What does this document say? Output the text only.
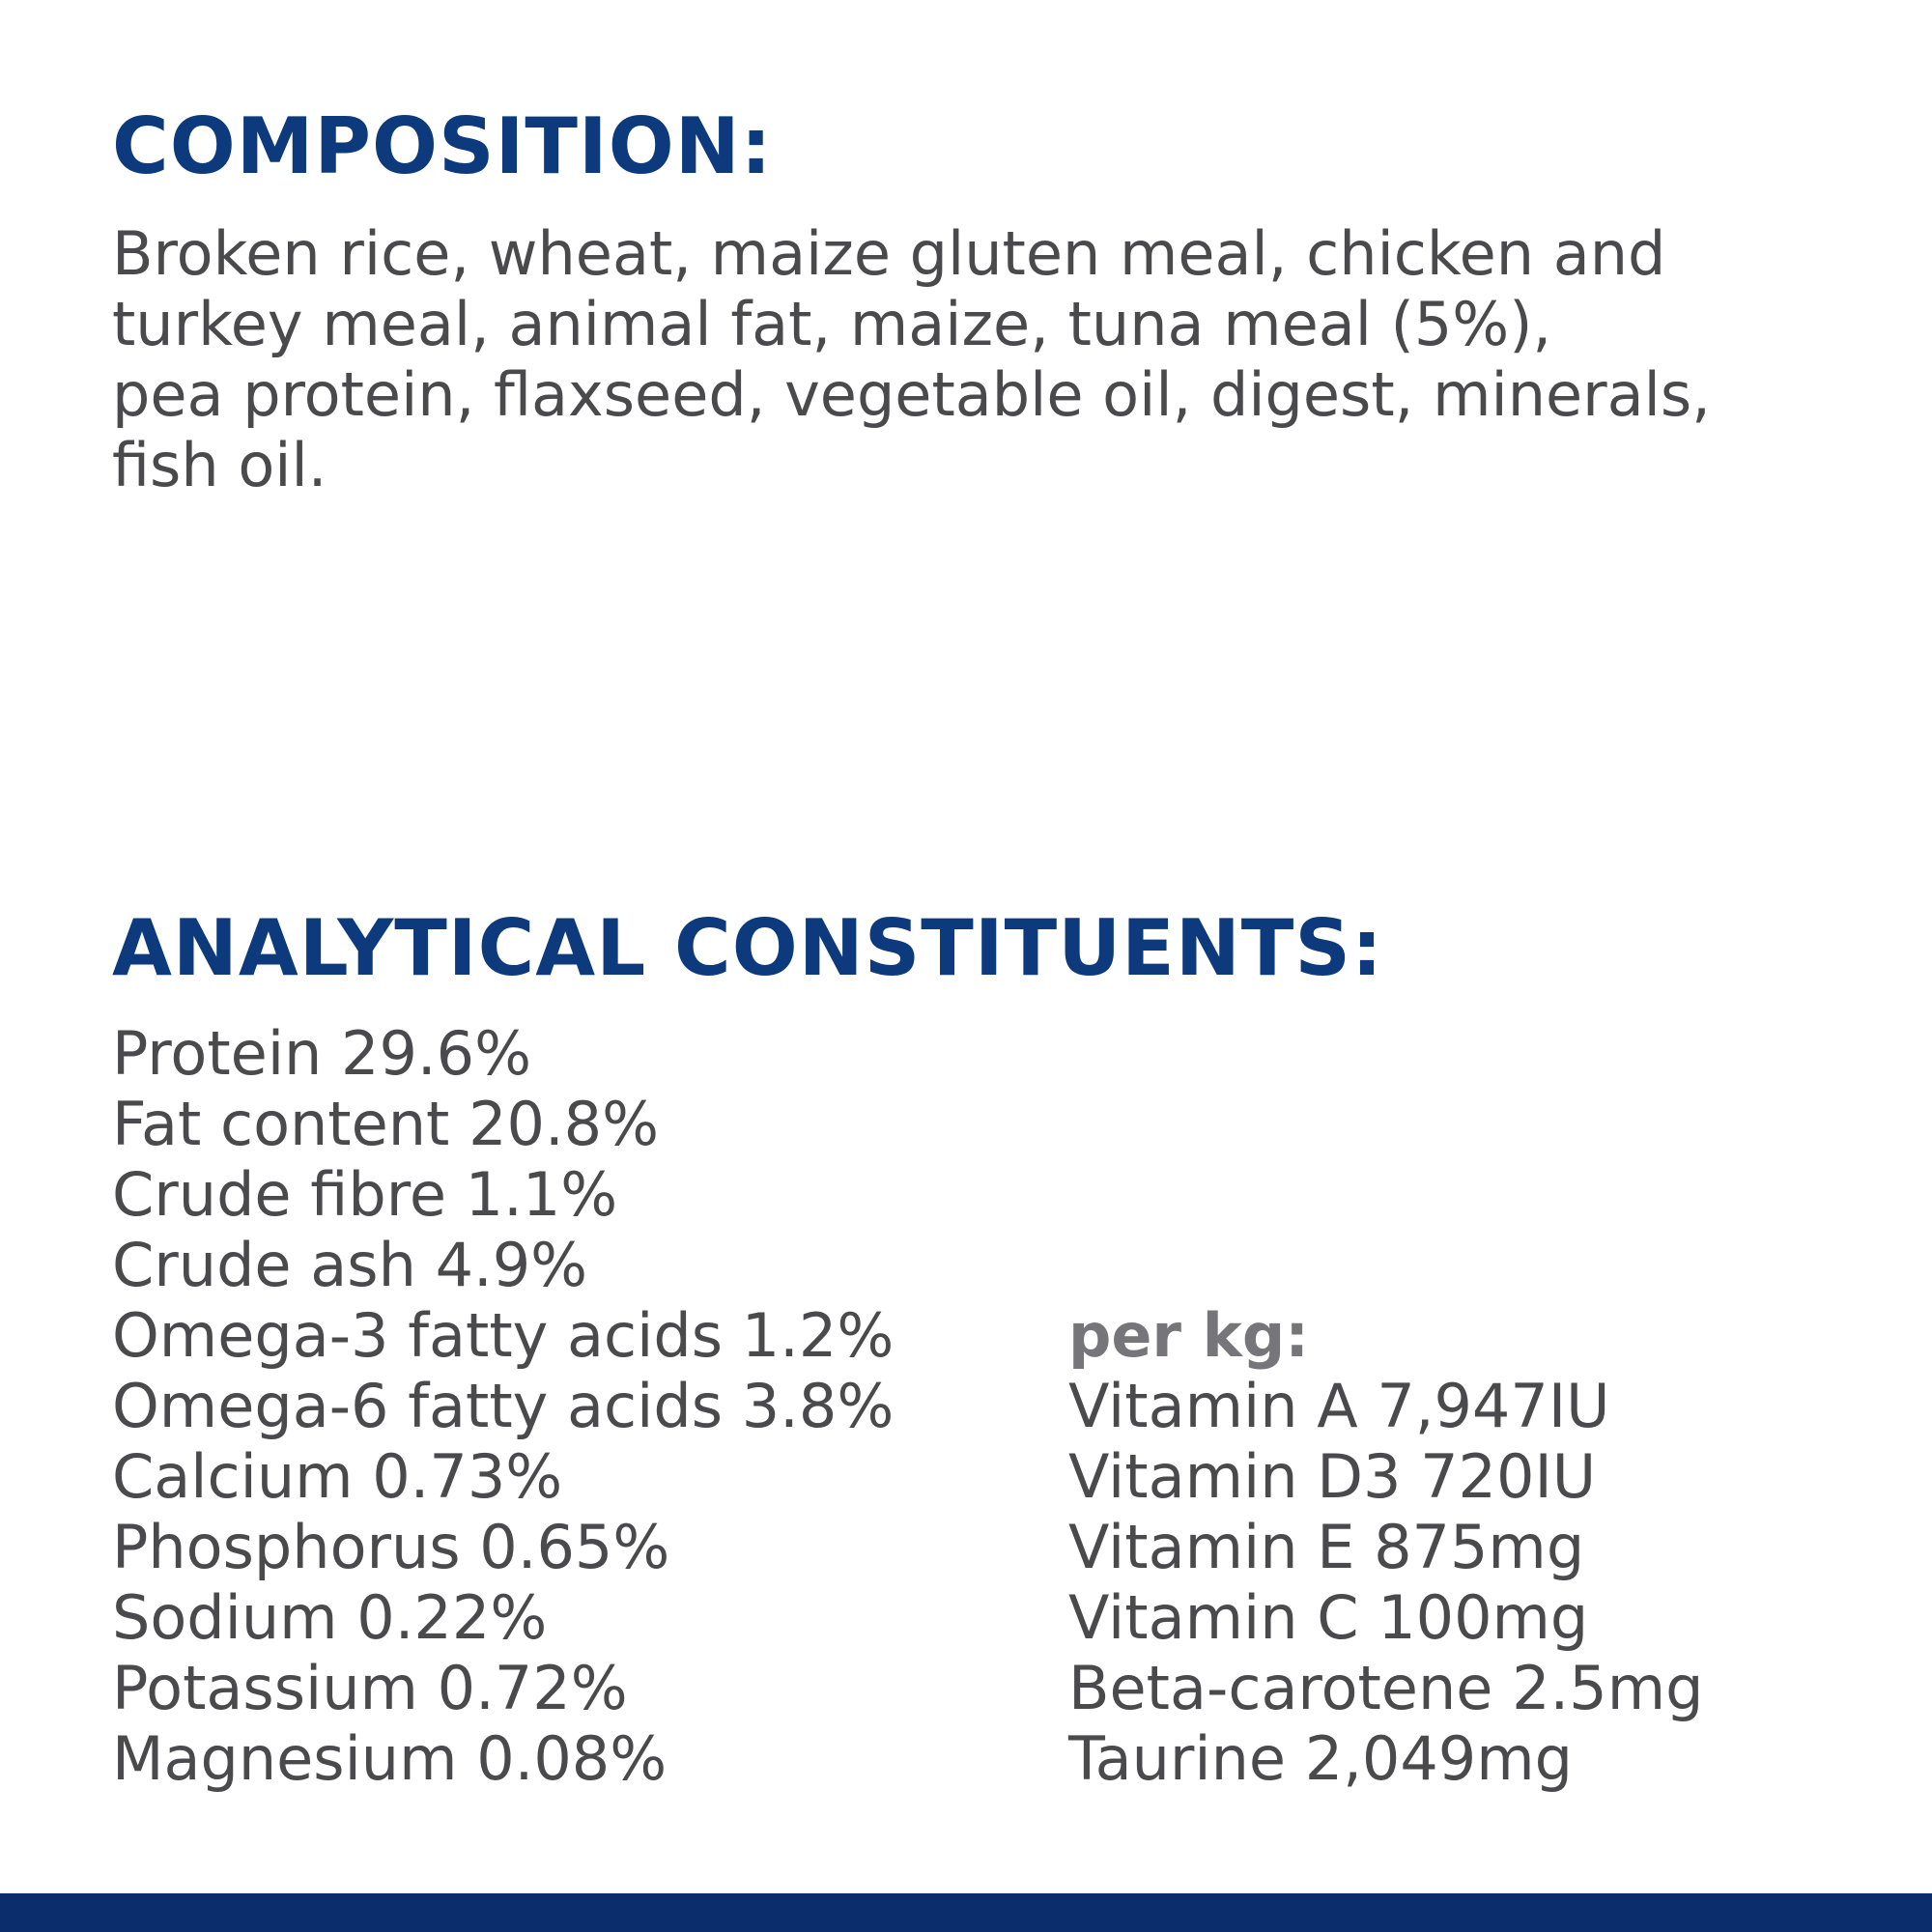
COMPOSITION:

Broken rice, wheat, maize gluten meal, chicken and
turkey meal, animal fat, maize, tuna meal (5%),
pea protein, flaxseed, vegetable oil, digest, minerals,
fish oil.

ANALYTICAL CONSTITUENTS:
Protein 29.6%
Fat content 20.8%
Crude fibre 1.1%
Crude ash 4.9%
Omega-3 fatty acids 1.2%
Omega-6 fatty acids 3.8%
Calcium 0.73%
Phosphorus 0.65%
Sodium 0.22%
Potassium 0.72%
Magnesium 0.08%
per kg:
Vitamin A 7,947IU
Vitamin D3 720IU
Vitamin E 875mg
Vitamin C 100mg
Beta-carotene 2.5mg
Taurine 2,049mg
